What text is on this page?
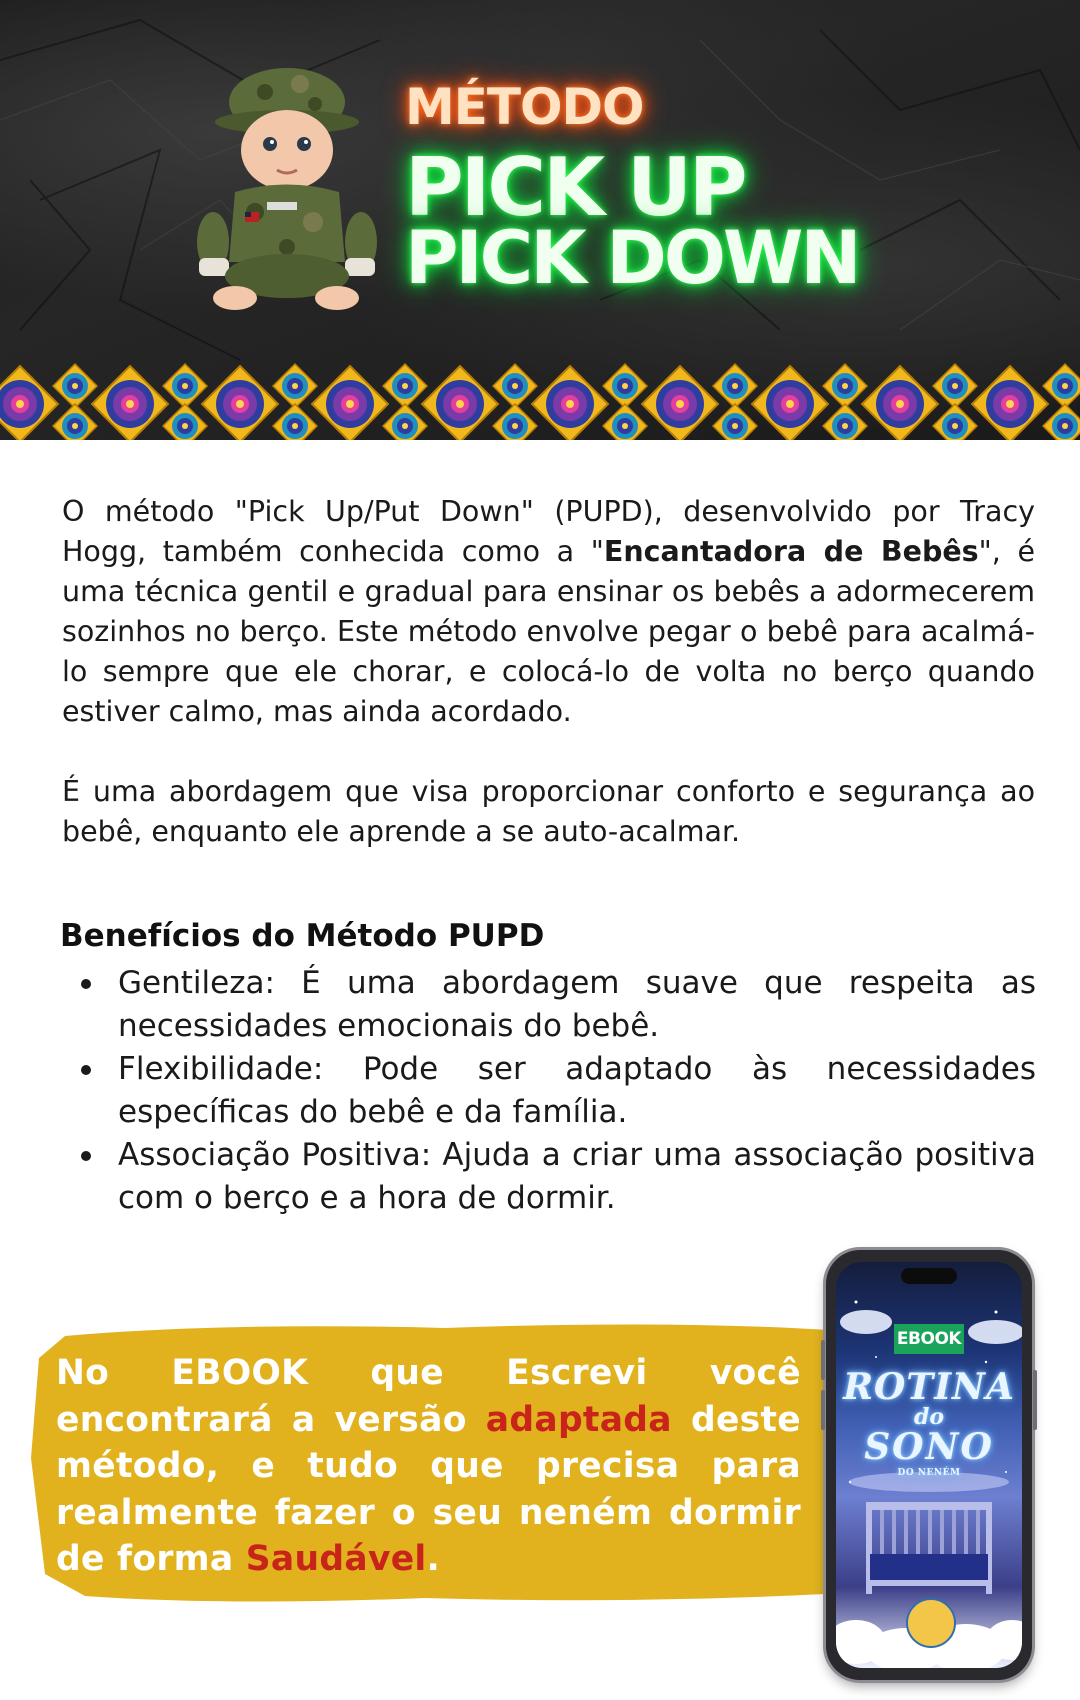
MÉTODO
PICK UP
PICK DOWN

O método "Pick Up/Put Down" (PUPD), desenvolvido por Tracy Hogg, também conhecida como a "Encantadora de Bebês", é uma técnica gentil e gradual para ensinar os bebês a adormecerem sozinhos no berço. Este método envolve pegar o bebê para acalmá-lo sempre que ele chorar, e colocá-lo de volta no berço quando estiver calmo, mas ainda acordado.

É uma abordagem que visa proporcionar conforto e segurança ao bebê, enquanto ele aprende a se auto-acalmar.

Benefícios do Método PUPD
Gentileza: É uma abordagem suave que respeita as necessidades emocionais do bebê.
Flexibilidade: Pode ser adaptado às necessidades específicas do bebê e da família.
Associação Positiva: Ajuda a criar uma associação positiva com o berço e a hora de dormir.

No EBOOK que Escrevi você encontrará a versão adaptada deste método, e tudo que precisa para realmente fazer o seu neném dormir de forma Saudável.

EBOOK

ROTINA

do

SONO

DO NENÉM
